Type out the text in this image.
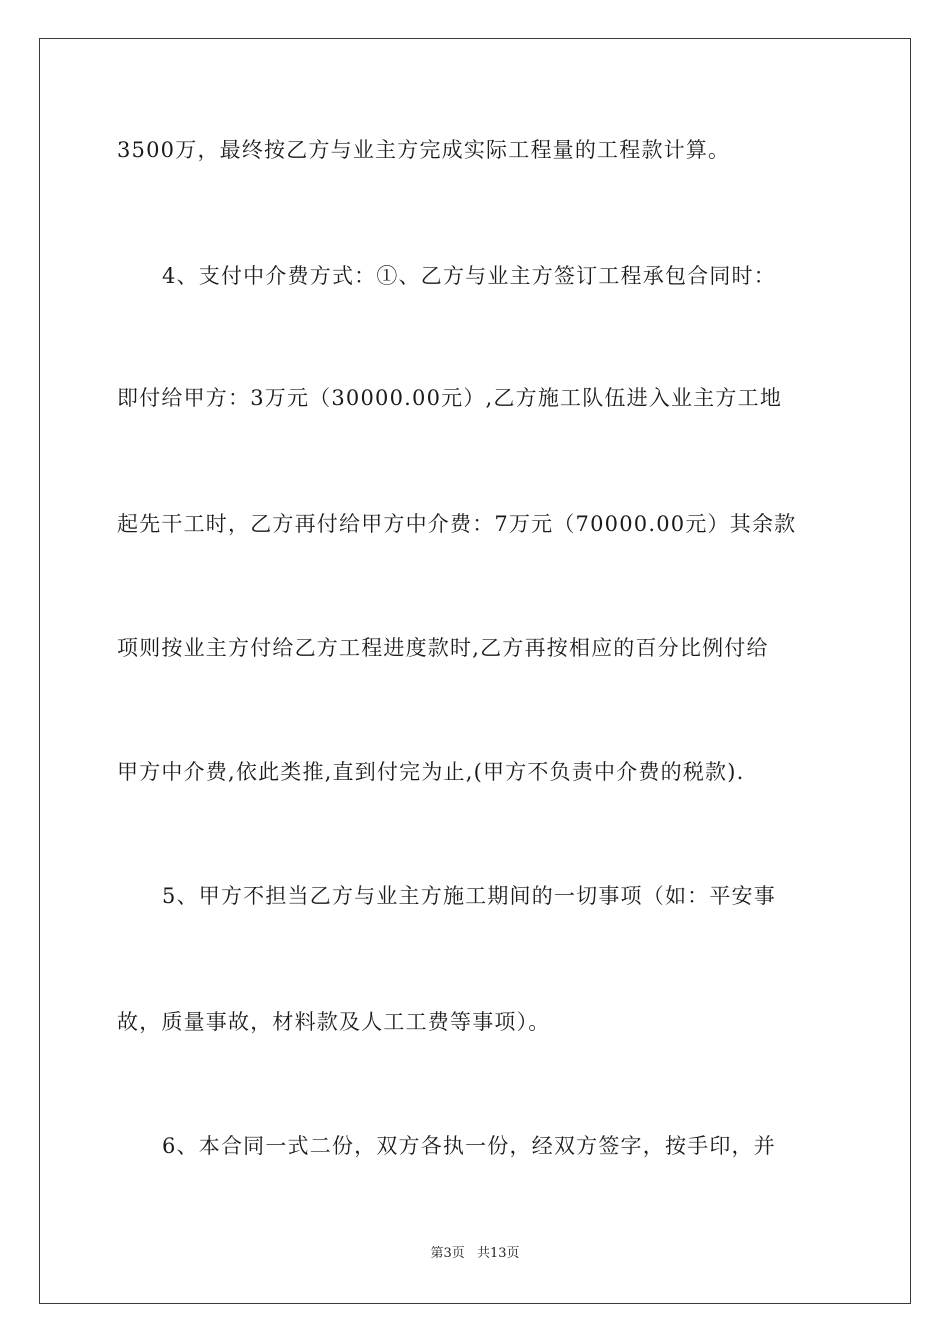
3500万，最终按乙方与业主方完成实际工程量的工程款计算。
4、支付中介费方式：①、乙方与业主方签订工程承包合同时：
即付给甲方：3万元（30000.00元）,乙方施工队伍进入业主方工地
起先干工时，乙方再付给甲方中介费：7万元（70000.00元）其余款
项则按业主方付给乙方工程进度款时,乙方再按相应的百分比例付给
甲方中介费,依此类推,直到付完为止,(甲方不负责中介费的税款).
5、甲方不担当乙方与业主方施工期间的一切事项（如：平安事
故，质量事故，材料款及人工工费等事项）。
6、本合同一式二份，双方各执一份，经双方签字，按手印，并
第3页 共13页
